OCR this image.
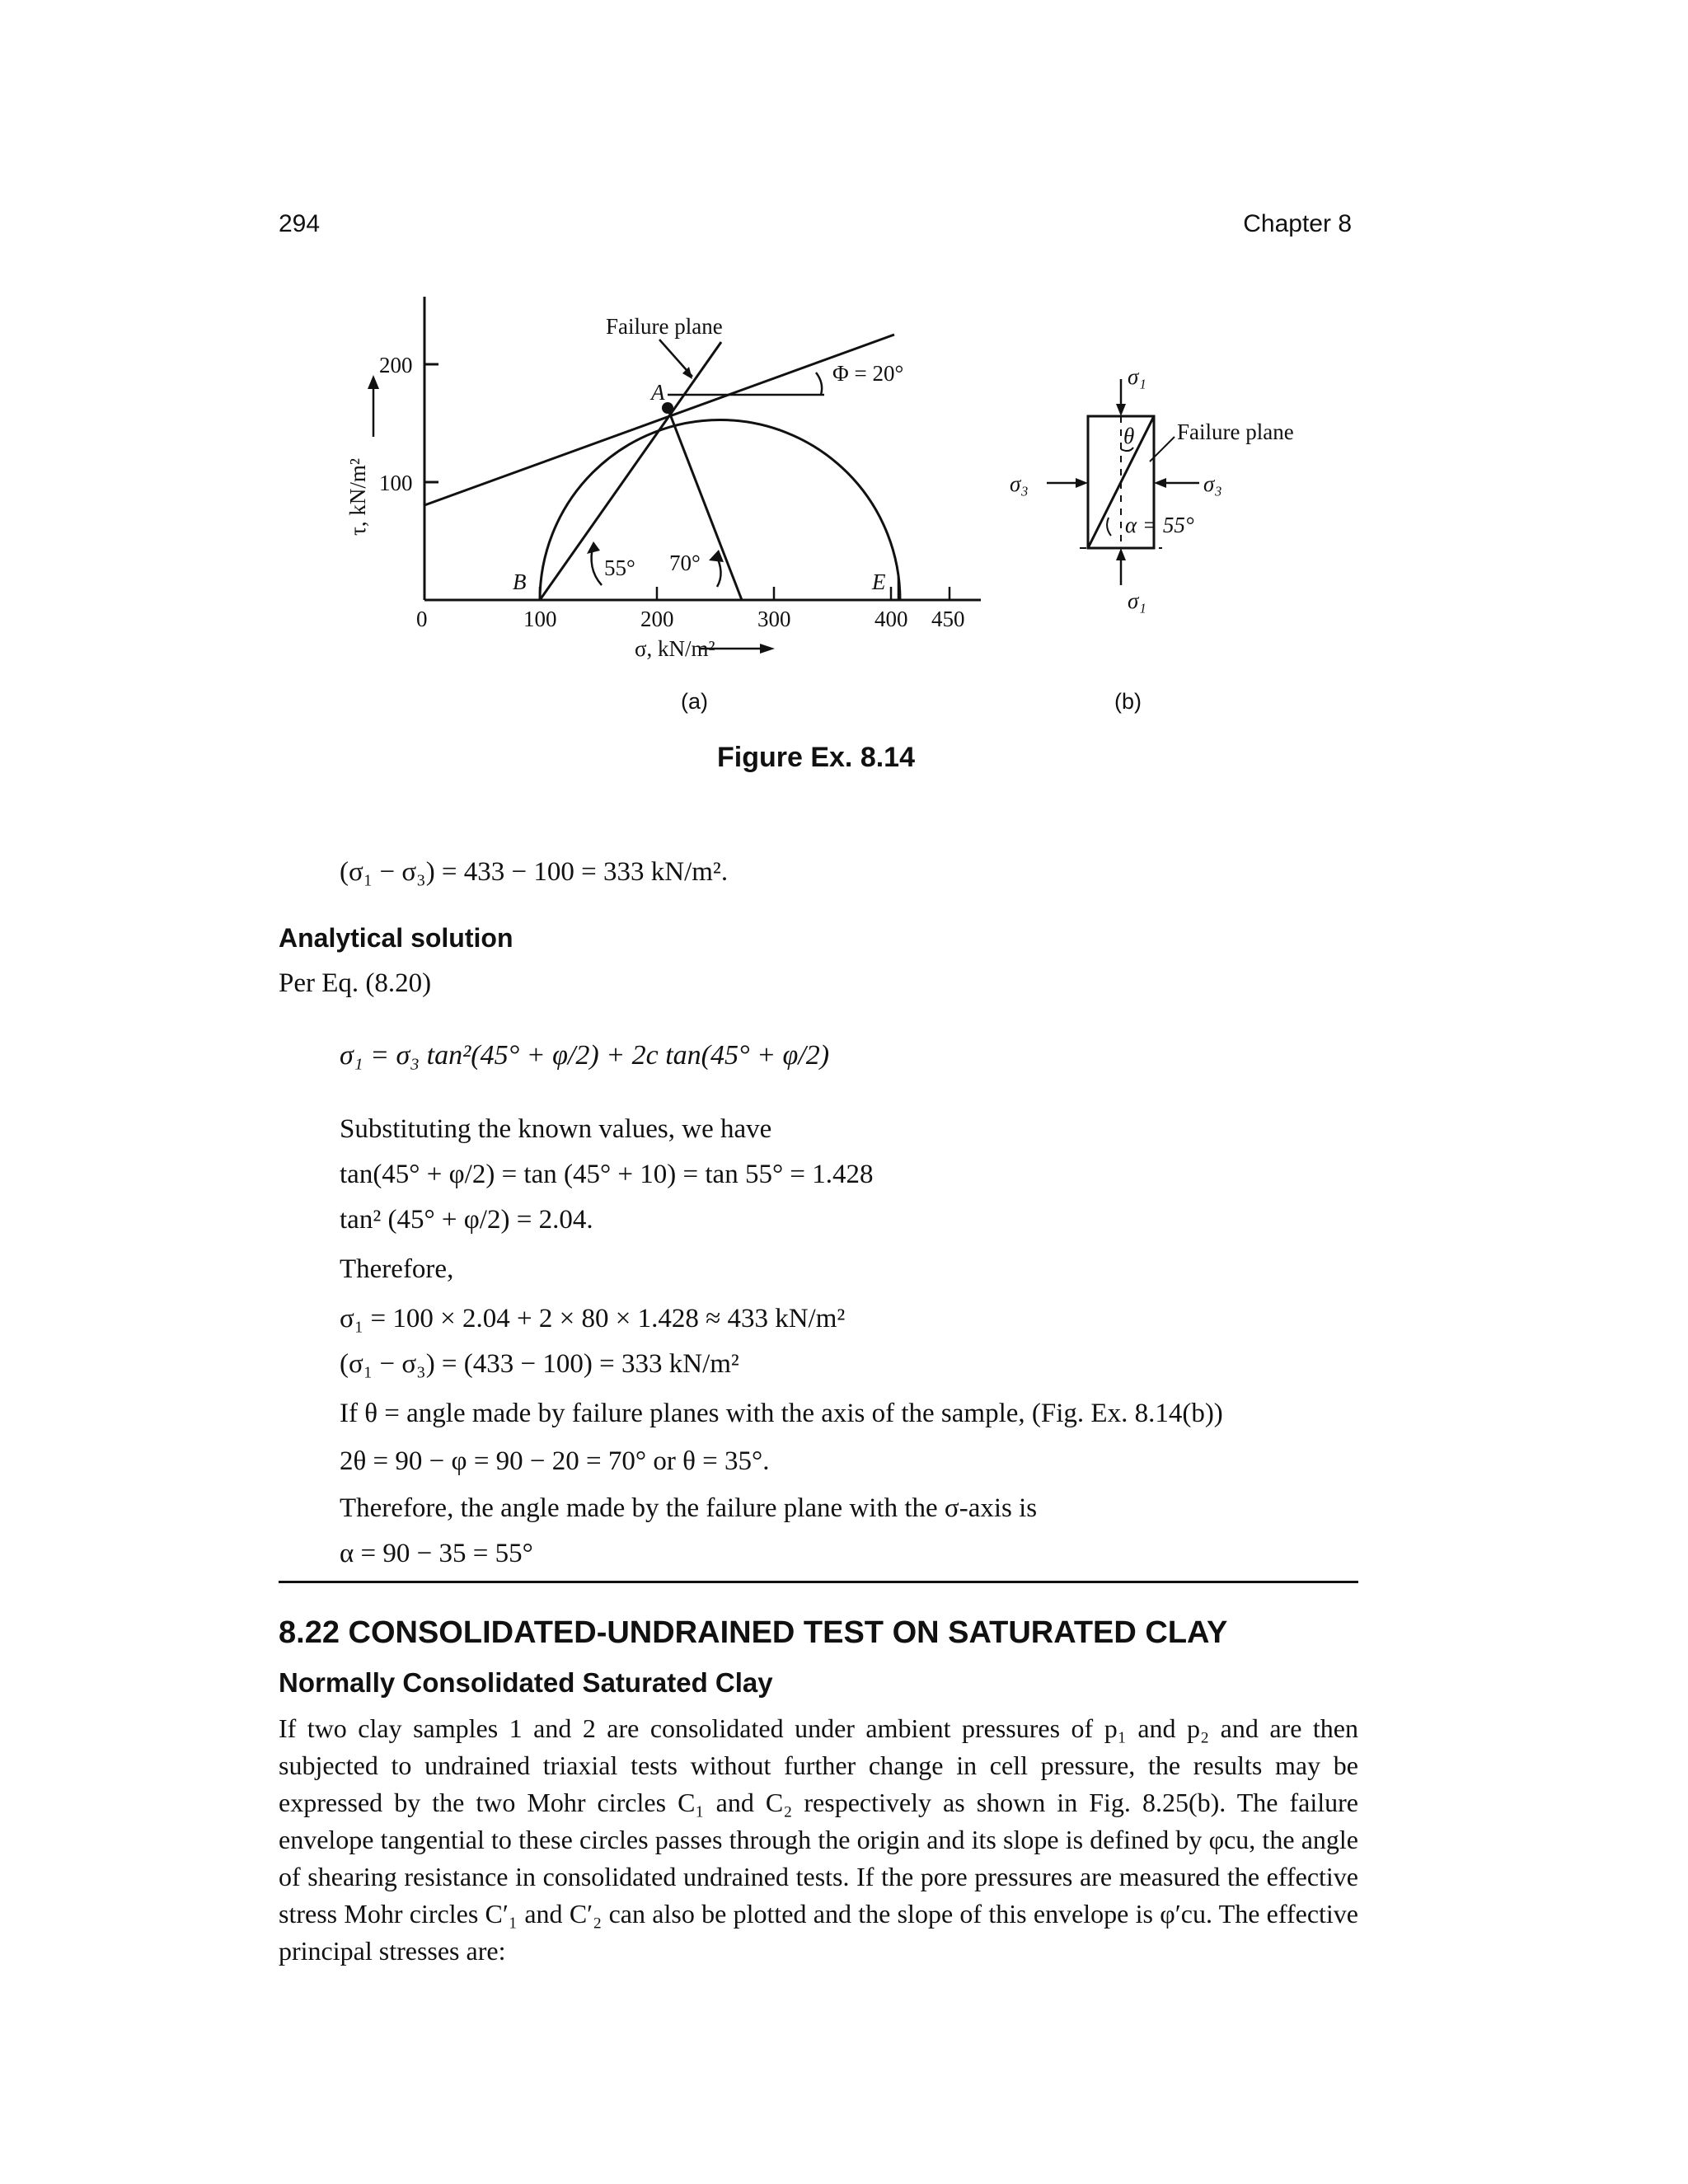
294	Chapter 8
200
100
0	100	200	300	400 450
σ, kN/m²
τ, kN/m²
Failure plane
Φ = 20°
A
B	E
55° 70°
σ₁
σ₁
σ₃	σ₃
Failure plane
θ
α = 55°
(a)	(b)
Figure Ex. 8.14
(σ₁ − σ₃) = 433 − 100 = 333 kN/m².
Analytical solution
Per Eq. (8.20)
σ₁ = σ₃ tan²(45° + φ/2) + 2c tan(45° + φ/2)
Substituting the known values, we have
tan(45° + φ/2) = tan (45° + 10) = tan 55° = 1.428
tan² (45° + φ/2) = 2.04.
Therefore,
σ₁ = 100 × 2.04 + 2 × 80 × 1.428 ≈ 433 kN/m²
(σ₁ − σ₃) = (433 − 100) = 333 kN/m²
If θ = angle made by failure planes with the axis of the sample, (Fig. Ex. 8.14(b))
2θ = 90 − φ = 90 − 20 = 70° or θ = 35°.
Therefore, the angle made by the failure plane with the σ-axis is
α = 90 − 35 = 55°
8.22 CONSOLIDATED-UNDRAINED TEST ON SATURATED CLAY
Normally Consolidated Saturated Clay
If two clay samples 1 and 2 are consolidated under ambient pressures of p₁ and p₂ and are then subjected to undrained triaxial tests without further change in cell pressure, the results may be expressed by the two Mohr circles C₁ and C₂ respectively as shown in Fig. 8.25(b). The failure envelope tangential to these circles passes through the origin and its slope is defined by φcu, the angle of shearing resistance in consolidated undrained tests. If the pore pressures are measured the effective stress Mohr circles C′₁ and C′₂ can also be plotted and the slope of this envelope is φ′cu. The effective principal stresses are:
